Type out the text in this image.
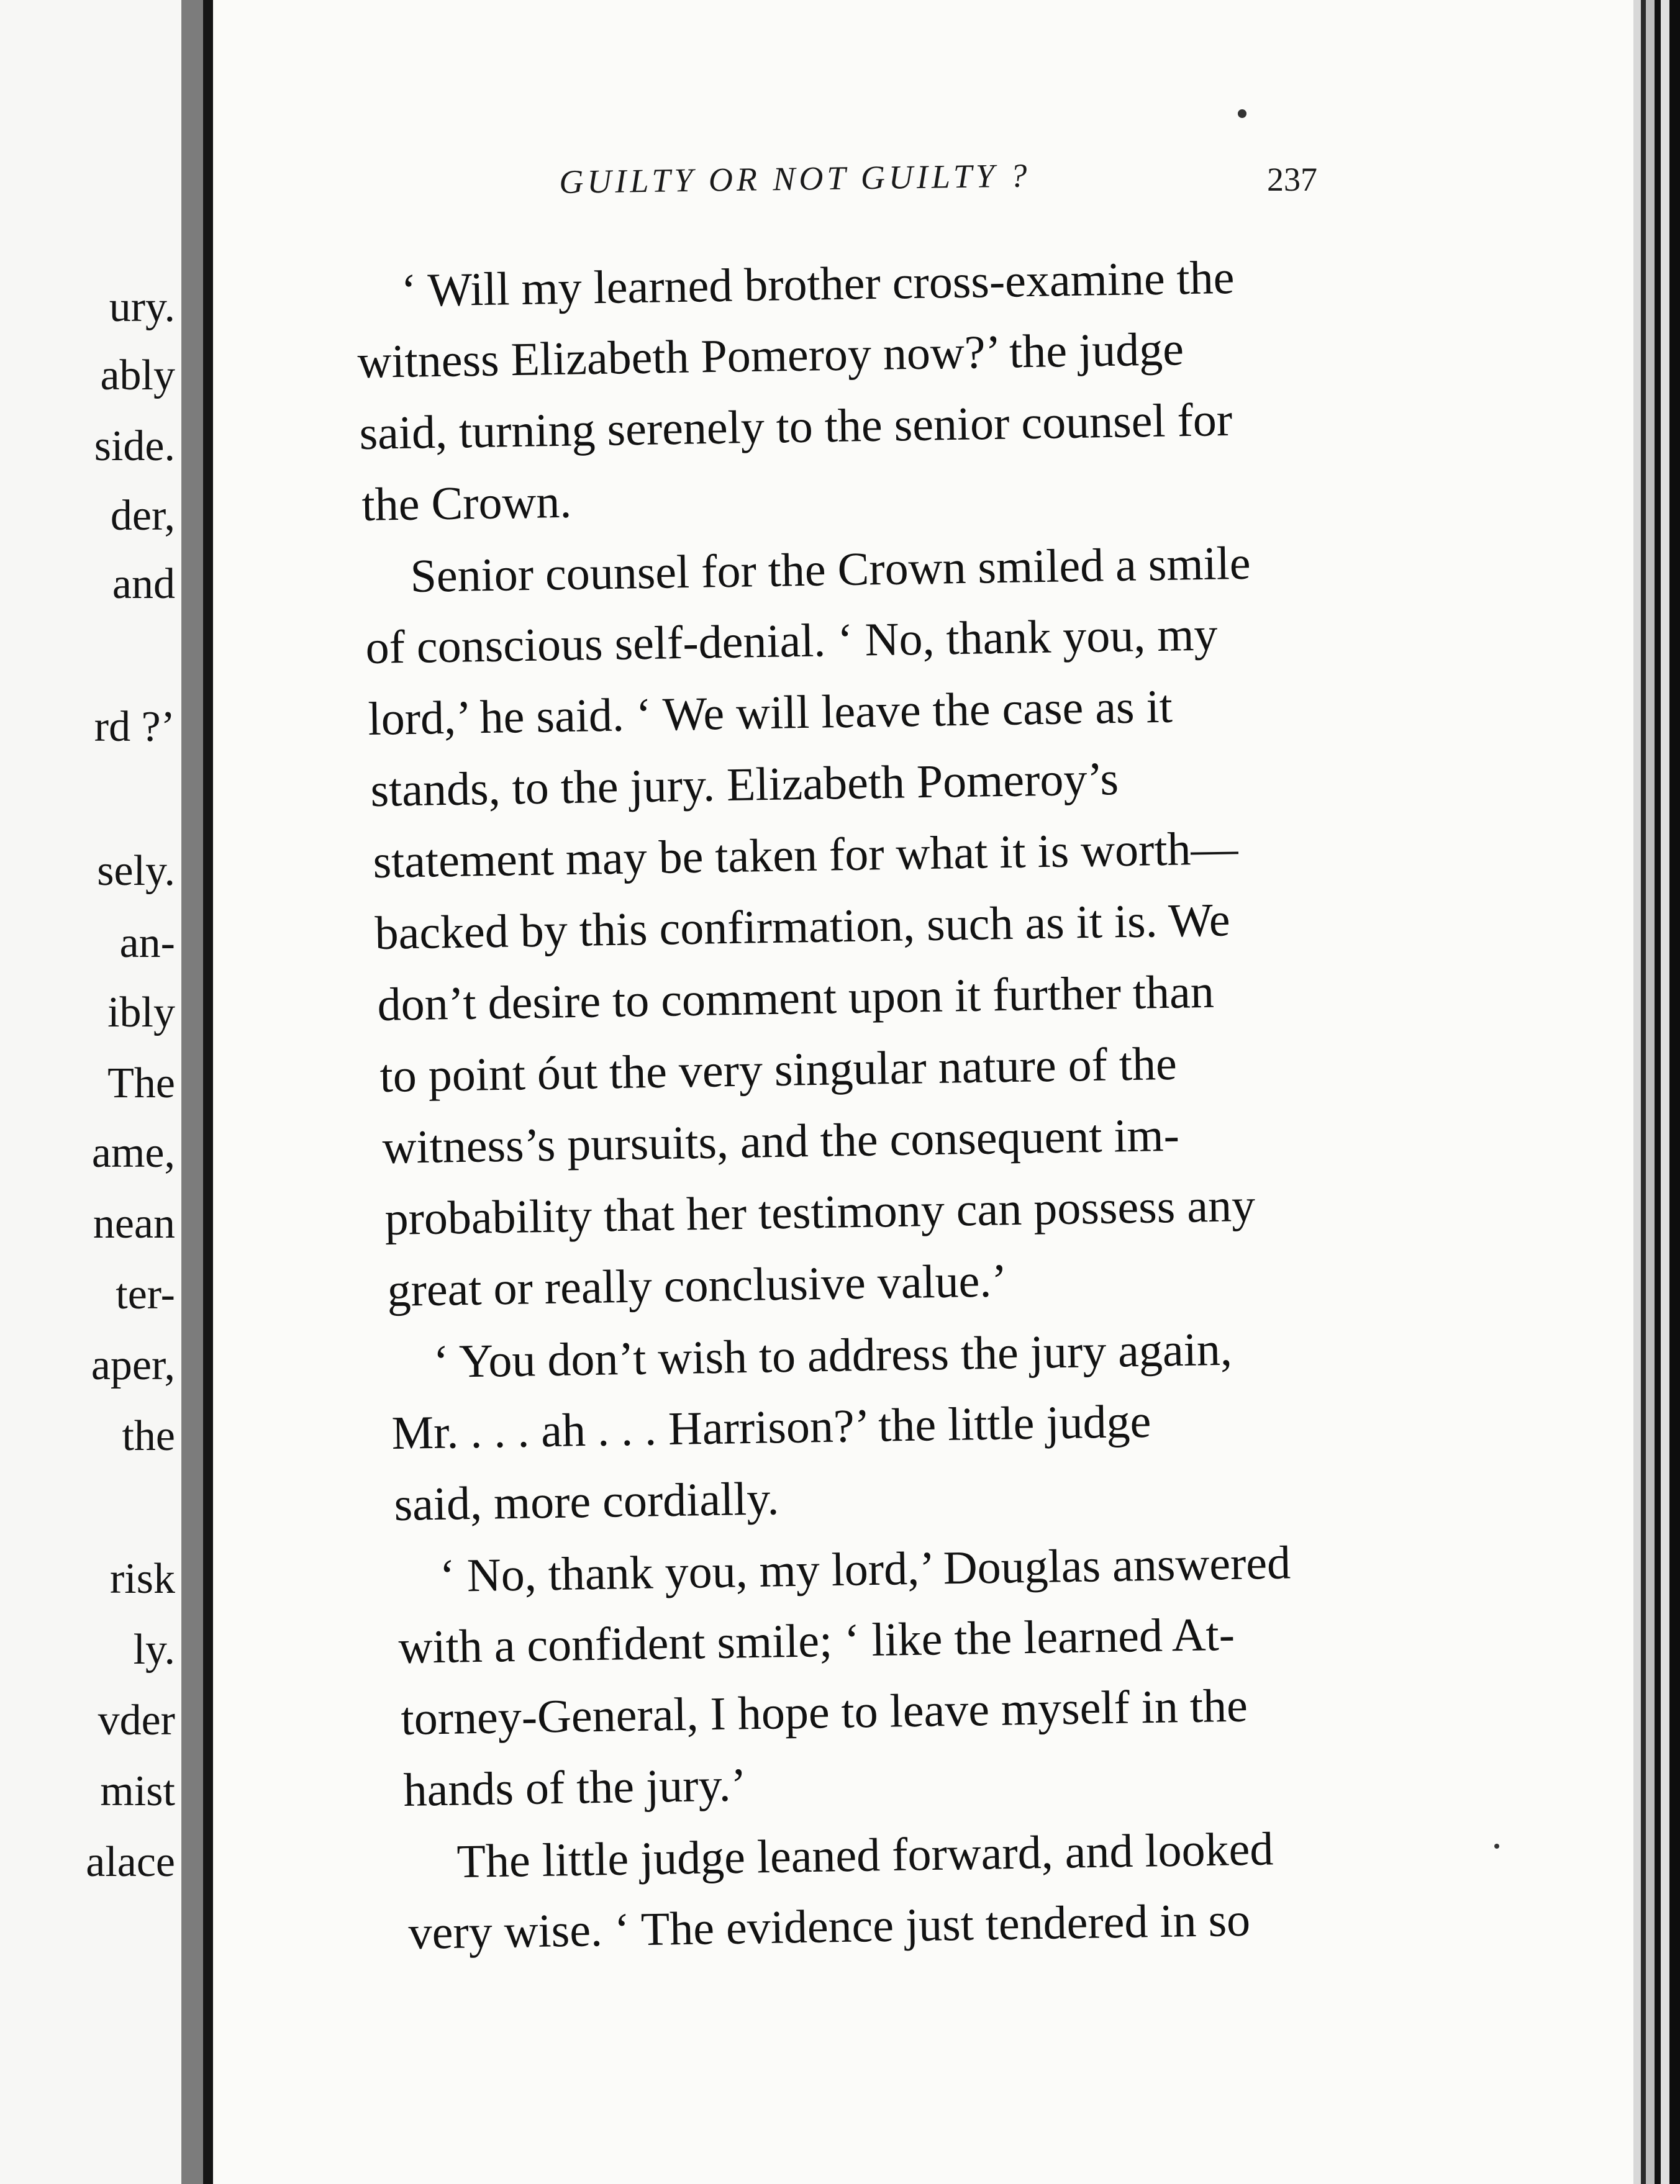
ury.
ably
side.
der,
and
rd ?’
sely.
an-
ibly
The
ame,
nean
ter-
aper,
the
risk
ly.
vder
mist
alace
GUILTY OR NOT GUILTY ?	237
‘ Will my learned brother cross-examine the
witness Elizabeth Pomeroy now?’ the judge
said, turning serenely to the senior counsel for
the Crown.
Senior counsel for the Crown smiled a smile
of conscious self-denial. ‘ No, thank you, my
lord,’ he said. ‘ We will leave the case as it
stands, to the jury. Elizabeth Pomeroy’s
statement may be taken for what it is worth—
backed by this confirmation, such as it is. We
don’t desire to comment upon it further than
to point óut the very singular nature of the
witness’s pursuits, and the consequent im-
probability that her testimony can possess any
great or really conclusive value.’
‘ You don’t wish to address the jury again,
Mr. . . . ah . . . Harrison?’ the little judge
said, more cordially.
‘ No, thank you, my lord,’ Douglas answered
with a confident smile; ‘ like the learned At-
torney-General, I hope to leave myself in the
hands of the jury.’
The little judge leaned forward, and looked
very wise. ‘ The evidence just tendered in so
